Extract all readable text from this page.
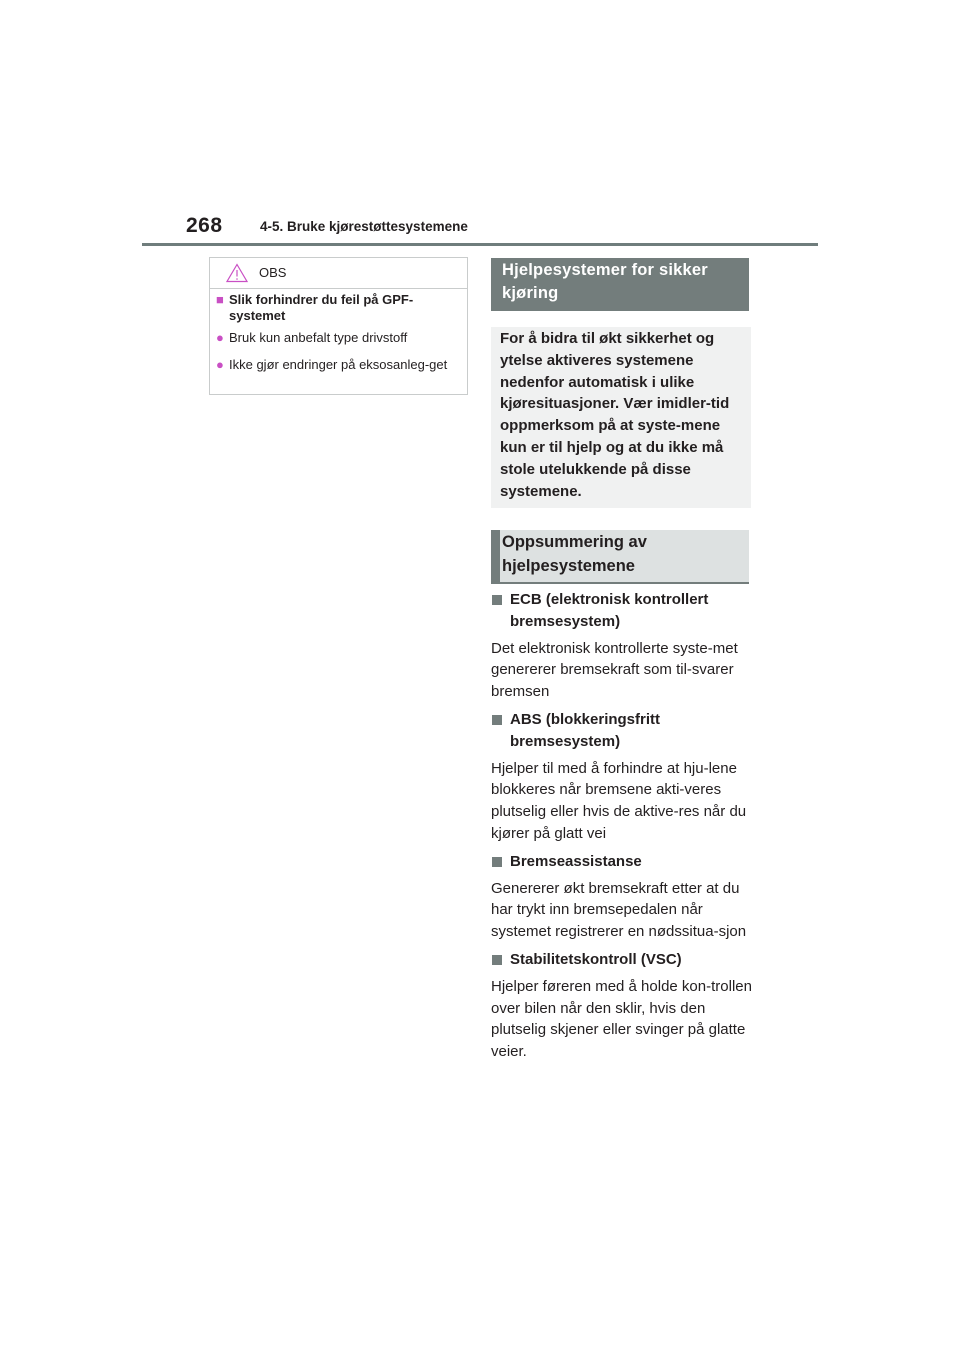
268	4-5. Bruke kjørestøttesystemene
OBS
■ Slik forhindrer du feil på GPF-systemet
● Bruk kun anbefalt type drivstoff
● Ikke gjør endringer på eksosanleg-get
Hjelpesystemer for sikker kjøring
For å bidra til økt sikkerhet og ytelse aktiveres systemene nedenfor automatisk i ulike kjøresituasjoner. Vær imidler-tid oppmerksom på at syste-mene kun er til hjelp og at du ikke må stole utelukkende på disse systemene.
Oppsummering av hjelpesystemene
ECB (elektronisk kontrollert bremsesystem)
Det elektronisk kontrollerte syste-met genererer bremsekraft som til-svarer bremsen
ABS (blokkeringsfritt bremsesystem)
Hjelper til med å forhindre at hju-lene blokkeres når bremsene akti-veres plutselig eller hvis de aktive-res når du kjører på glatt vei
Bremseassistanse
Genererer økt bremsekraft etter at du har trykt inn bremsepedalen når systemet registrerer en nødssitua-sjon
Stabilitetskontroll (VSC)
Hjelper føreren med å holde kon-trollen over bilen når den sklir, hvis den plutselig skjener eller svinger på glatte veier.
